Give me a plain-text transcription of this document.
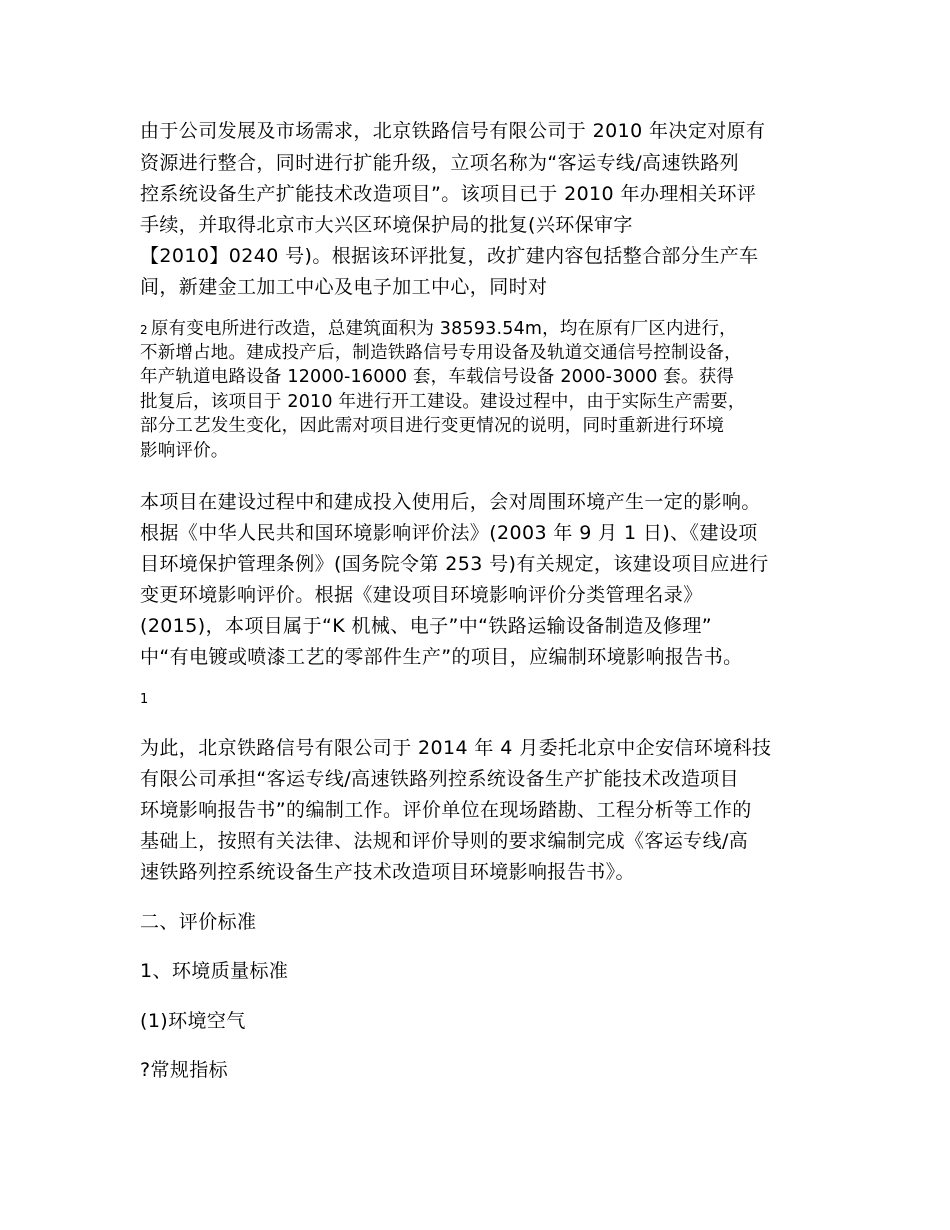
由于公司发展及市场需求，北京铁路信号有限公司于 2010 年决定对原有
资源进行整合，同时进行扩能升级，立项名称为“客运专线/高速铁路列
控系统设备生产扩能技术改造项目”。该项目已于 2010 年办理相关环评
手续，并取得北京市大兴区环境保护局的批复(兴环保审字
【2010】0240 号)。根据该环评批复，改扩建内容包括整合部分生产车
间，新建金工加工中心及电子加工中心，同时对
2 原有变电所进行改造，总建筑面积为 38593.54m，均在原有厂区内进行，
不新增占地。建成投产后，制造铁路信号专用设备及轨道交通信号控制设备，
年产轨道电路设备 12000-16000 套，车载信号设备 2000-3000 套。获得
批复后，该项目于 2010 年进行开工建设。建设过程中，由于实际生产需要，
部分工艺发生变化，因此需对项目进行变更情况的说明，同时重新进行环境
影响评价。
本项目在建设过程中和建成投入使用后，会对周围环境产生一定的影响。
根据《中华人民共和国环境影响评价法》(2003 年 9 月 1 日)、《建设项
目环境保护管理条例》(国务院令第 253 号)有关规定，该建设项目应进行
变更环境影响评价。根据《建设项目环境影响评价分类管理名录》
(2015)，本项目属于“K 机械、电子”中“铁路运输设备制造及修理”
中“有电镀或喷漆工艺的零部件生产”的项目，应编制环境影响报告书。
1
为此，北京铁路信号有限公司于 2014 年 4 月委托北京中企安信环境科技
有限公司承担“客运专线/高速铁路列控系统设备生产扩能技术改造项目
环境影响报告书”的编制工作。评价单位在现场踏勘、工程分析等工作的
基础上，按照有关法律、法规和评价导则的要求编制完成《客运专线/高
速铁路列控系统设备生产技术改造项目环境影响报告书》。
二、评价标准
1、环境质量标准
(1)环境空气
?常规指标
